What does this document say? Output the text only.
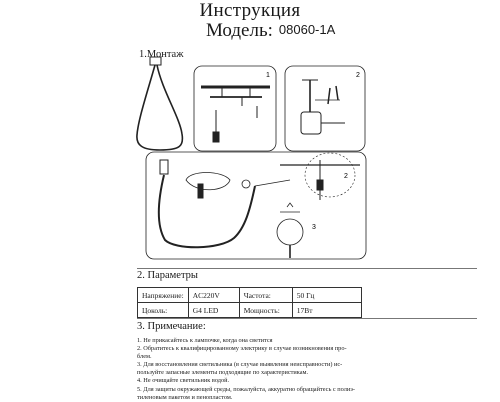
Инструкция
Модель: 08060-1A
1.Монтаж
1	2
2
3
2. Параметры
Напряжение:	AC220V	Частота:	50 Гц
Цоколь:	G4 LED	Мощность:	17Вт
3. Примечание:
1. Не прикасайтесь к лампочке, когда она светится
2. Обратитесь к квалифицированному электрику в случае возникновения про-
блем.
3. Для восстановления светильника (в случае выявления неисправности) ис-
пользуйте запасные элементы подходящие по характеристикам.
4. Не очищайте светильник водой.
5. Для защиты окружающей среды, пожалуйста, аккуратно обращайтесь с полиэ-
тиленовым пакетом и пенопластом.
